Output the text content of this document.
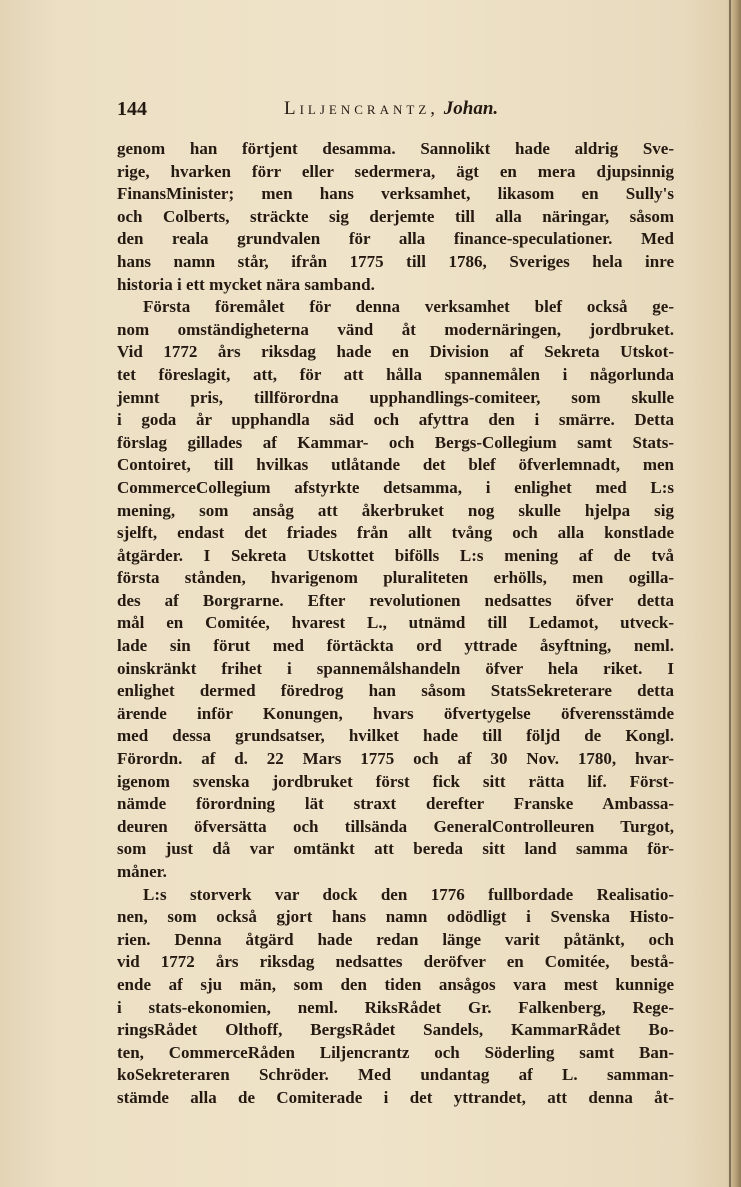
144	Liljencrantz, Johan.
genom han förtjent desamma. Sannolikt hade aldrig Sve-
rige, hvarken förr eller sedermera, ägt en mera djupsinnig
FinansMinister; men hans verksamhet, likasom en Sully's
och Colberts, sträckte sig derjemte till alla näringar, såsom
den reala grundvalen för alla finance-speculationer. Med
hans namn står, ifrån 1775 till 1786, Sveriges hela inre
historia i ett mycket nära samband.
Första föremålet för denna verksamhet blef också ge-
nom omständigheterna vänd åt modernäringen, jordbruket.
Vid 1772 års riksdag hade en Division af Sekreta Utskot-
tet föreslagit, att, för att hålla spannemålen i någorlunda
jemnt pris, tillförordna upphandlings-comiteer, som skulle
i goda år upphandla säd och afyttra den i smärre. Detta
förslag gillades af Kammar- och Bergs-Collegium samt Stats-
Contoiret, till hvilkas utlåtande det blef öfverlemnadt, men
CommerceCollegium afstyrkte detsamma, i enlighet med L:s
mening, som ansåg att åkerbruket nog skulle hjelpa sig
sjelft, endast det friades från allt tvång och alla konstlade
åtgärder. I Sekreta Utskottet bifölls L:s mening af de två
första stånden, hvarigenom pluraliteten erhölls, men ogilla-
des af Borgrarne. Efter revolutionen nedsattes öfver detta
mål en Comitée, hvarest L., utnämd till Ledamot, utveck-
lade sin förut med förtäckta ord yttrade åsyftning, neml.
oinskränkt frihet i spannemålshandeln öfver hela riket. I
enlighet dermed föredrog han såsom StatsSekreterare detta
ärende inför Konungen, hvars öfvertygelse öfverensstämde
med dessa grundsatser, hvilket hade till följd de Kongl.
Förordn. af d. 22 Mars 1775 och af 30 Nov. 1780, hvar-
igenom svenska jordbruket först fick sitt rätta lif. Först-
nämde förordning lät straxt derefter Franske Ambassa-
deuren öfversätta och tillsända GeneralControlleuren Turgot,
som just då var omtänkt att bereda sitt land samma för-
måner.
L:s storverk var dock den 1776 fullbordade Realisatio-
nen, som också gjort hans namn odödligt i Svenska Histo-
rien. Denna åtgärd hade redan länge varit påtänkt, och
vid 1772 års riksdag nedsattes deröfver en Comitée, bestå-
ende af sju män, som den tiden ansågos vara mest kunnige
i stats-ekonomien, neml. RiksRådet Gr. Falkenberg, Rege-
ringsRådet Olthoff, BergsRådet Sandels, KammarRådet Bo-
ten, CommerceRåden Liljencrantz och Söderling samt Ban-
koSekreteraren Schröder. Med undantag af L. samman-
stämde alla de Comiterade i det yttrandet, att denna åt-
